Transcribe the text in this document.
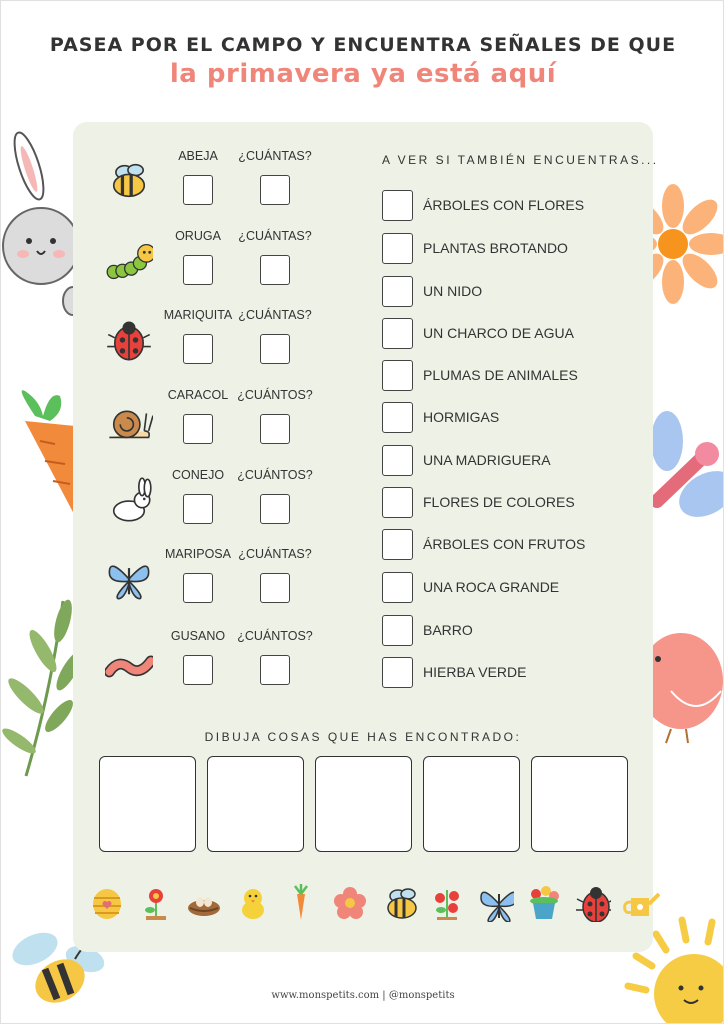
PASEA POR EL CAMPO Y ENCUENTRA SEÑALES DE QUE
la primavera ya está aquí
ABEJA ¿CUÁNTAS?
ORUGA ¿CUÁNTAS?
MARIQUITA ¿CUÁNTAS?
CARACOL ¿CUÁNTOS?
CONEJO ¿CUÁNTOS?
MARIPOSA ¿CUÁNTAS?
GUSANO ¿CUÁNTOS?
A VER SI TAMBIÉN ENCUENTRAS...
ÁRBOLES CON FLORES
PLANTAS BROTANDO
UN NIDO
UN CHARCO DE AGUA
PLUMAS DE ANIMALES
HORMIGAS
UNA MADRIGUERA
FLORES DE COLORES
ÁRBOLES CON FRUTOS
UNA ROCA GRANDE
BARRO
HIERBA VERDE
DIBUJA COSAS QUE HAS ENCONTRADO:
www.monspetits.com | @monspetits
